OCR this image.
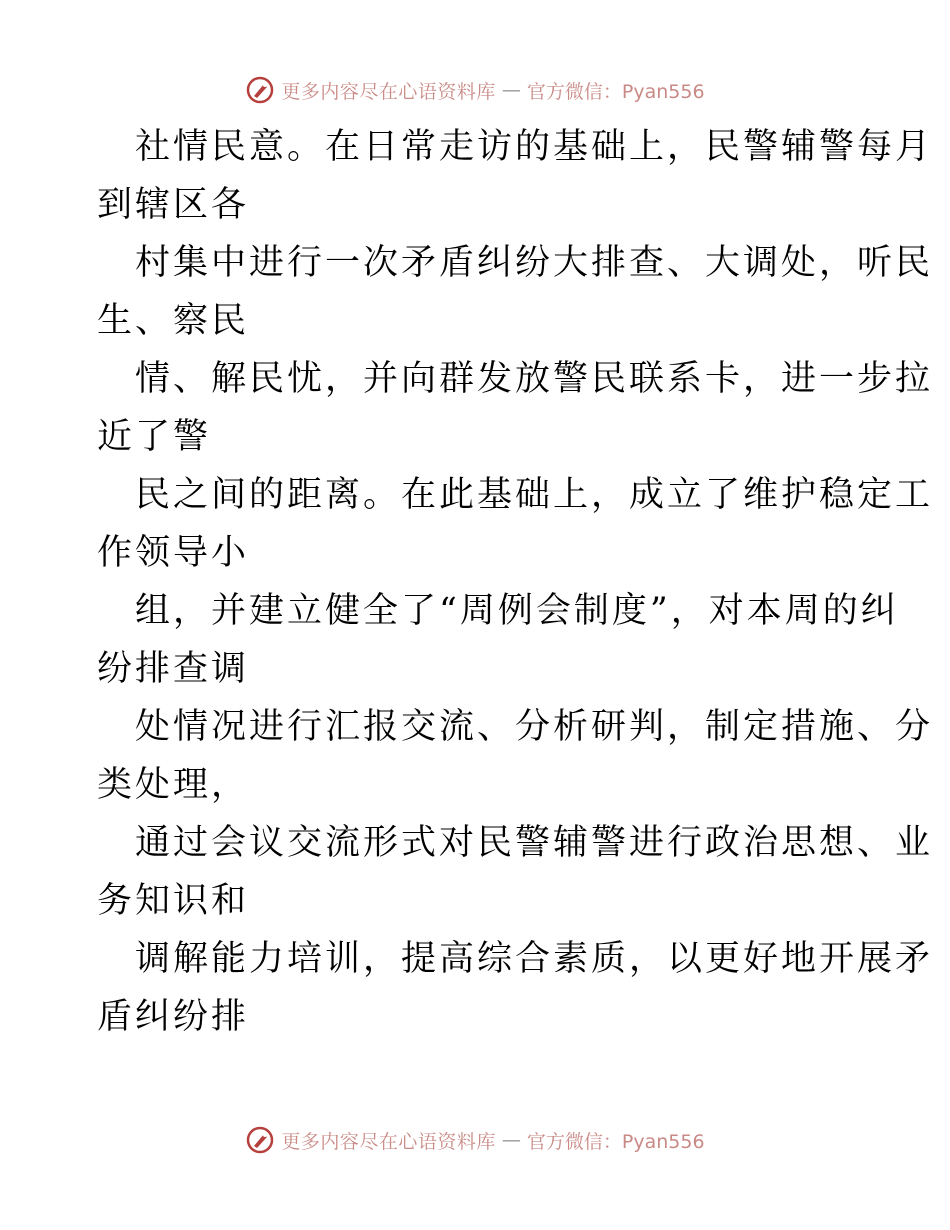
更多内容尽在心语资料库 — 官方微信：Pyan556

社情民意。在日常走访的基础上，民警辅警每月
到辖区各

村集中进行一次矛盾纠纷大排查、大调处，听民
生、察民

情、解民忧，并向群发放警民联系卡，进一步拉
近了警

民之间的距离。在此基础上，成立了维护稳定工
作领导小

组，并建立健全了“周例会制度”，对本周的纠
纷排查调

处情况进行汇报交流、分析研判，制定措施、分
类处理，

通过会议交流形式对民警辅警进行政治思想、业
务知识和

调解能力培训，提高综合素质，以更好地开展矛
盾纠纷排

更多内容尽在心语资料库 — 官方微信：Pyan556
